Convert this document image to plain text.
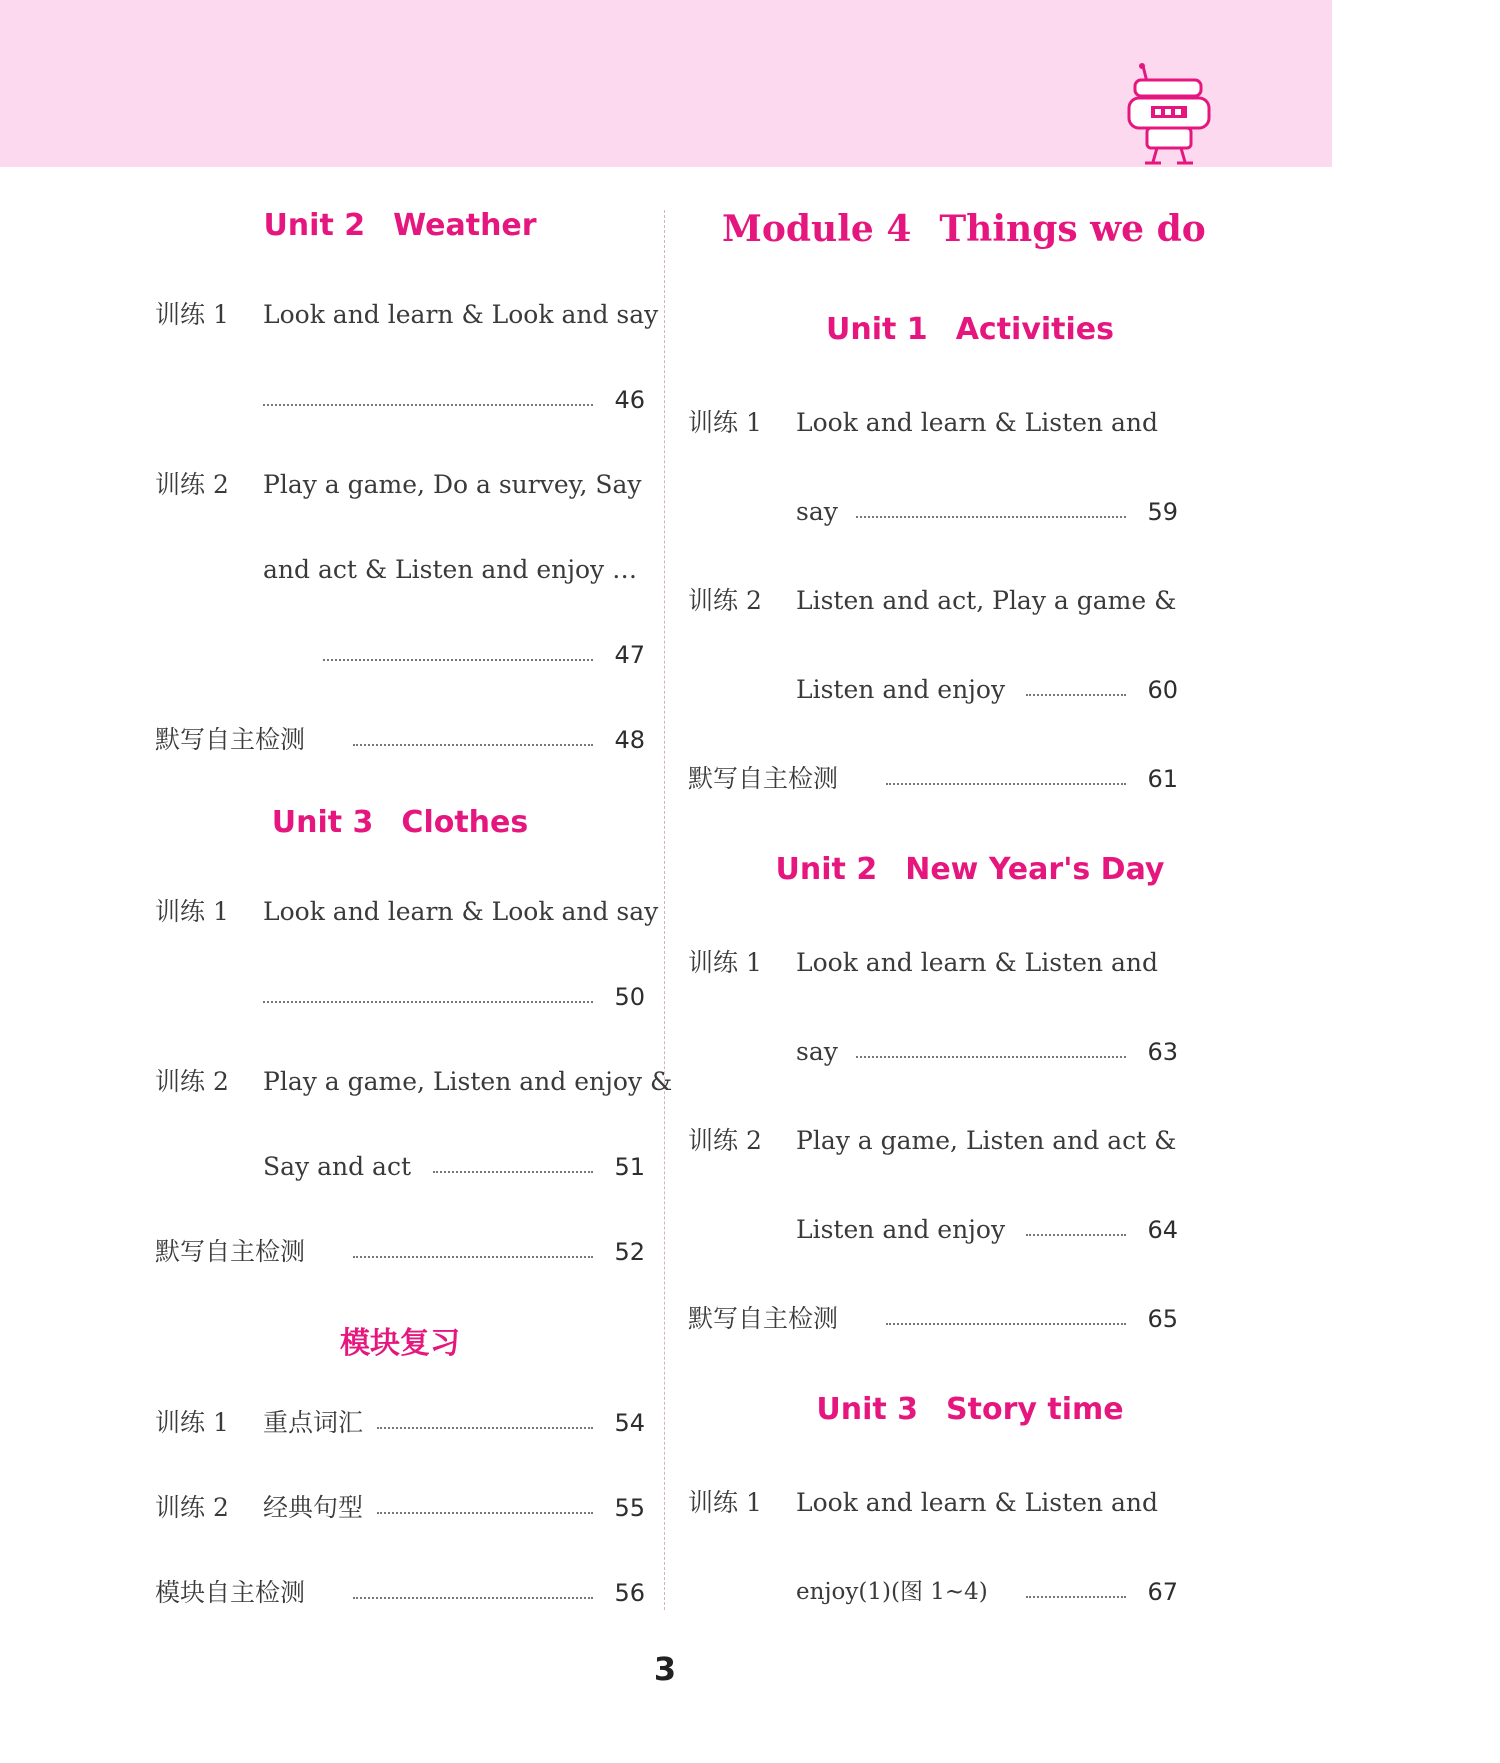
Unit 2 Weather
训练 1 Look and learn & Look and say
46
训练 2 Play a game, Do a survey, Say
and act & Listen and enjoy …
47
默写自主检测	48
Unit 3 Clothes
训练 1 Look and learn & Look and say
50
训练 2 Play a game, Listen and enjoy &
Say and act	51
默写自主检测	52
模块复习
训练 1 重点词汇	54
训练 2 经典句型	55
模块自主检测	56
Module 4 Things we do
Unit 1 Activities
训练 1 Look and learn & Listen and
say	59
训练 2 Listen and act, Play a game &
Listen and enjoy	60
默写自主检测	61
Unit 2 New Year's Day
训练 1 Look and learn & Listen and
say	63
训练 2 Play a game, Listen and act &
Listen and enjoy	64
默写自主检测	65
Unit 3 Story time
训练 1 Look and learn & Listen and
enjoy(1)(图 1~4)	67
3
